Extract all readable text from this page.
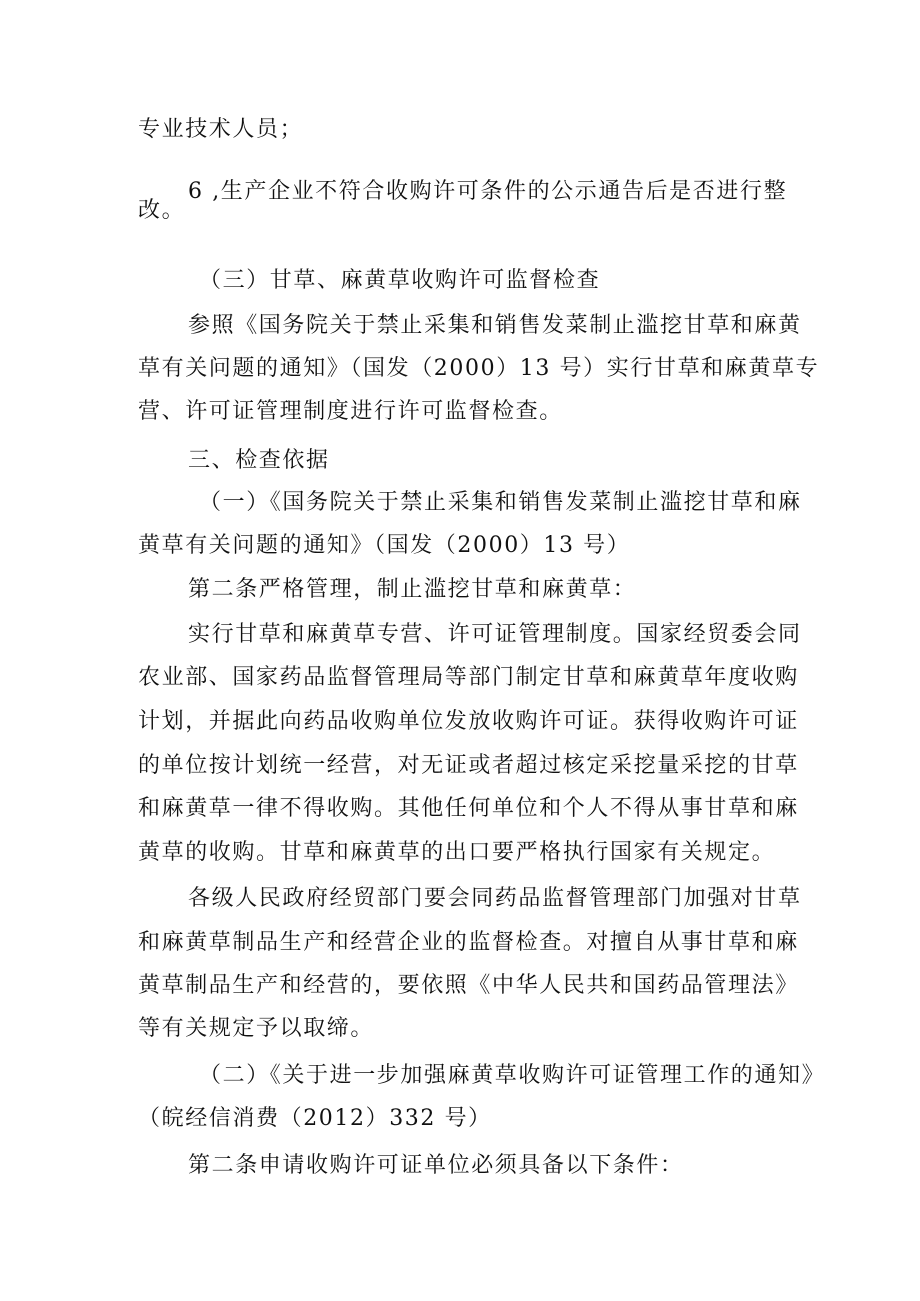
专业技术人员；
6 ,生产企业不符合收购许可条件的公示通告后是否进行整
改。
（三）甘草、麻黄草收购许可监督检查
参照《国务院关于禁止采集和销售发菜制止滥挖甘草和麻黄
草有关问题的通知》（国发（2000）13 号）实行甘草和麻黄草专
营、许可证管理制度进行许可监督检查。
三、检查依据
（一）《国务院关于禁止采集和销售发菜制止滥挖甘草和麻
黄草有关问题的通知》（国发（2000）13 号）
第二条严格管理，制止滥挖甘草和麻黄草：
实行甘草和麻黄草专营、许可证管理制度。国家经贸委会同
农业部、国家药品监督管理局等部门制定甘草和麻黄草年度收购
计划，并据此向药品收购单位发放收购许可证。获得收购许可证
的单位按计划统一经营，对无证或者超过核定采挖量采挖的甘草
和麻黄草一律不得收购。其他任何单位和个人不得从事甘草和麻
黄草的收购。甘草和麻黄草的出口要严格执行国家有关规定。
各级人民政府经贸部门要会同药品监督管理部门加强对甘草
和麻黄草制品生产和经营企业的监督检查。对擅自从事甘草和麻
黄草制品生产和经营的，要依照《中华人民共和国药品管理法》
等有关规定予以取缔。
（二）《关于进一步加强麻黄草收购许可证管理工作的通知》
（皖经信消费（2012）332 号）
第二条申请收购许可证单位必须具备以下条件：
